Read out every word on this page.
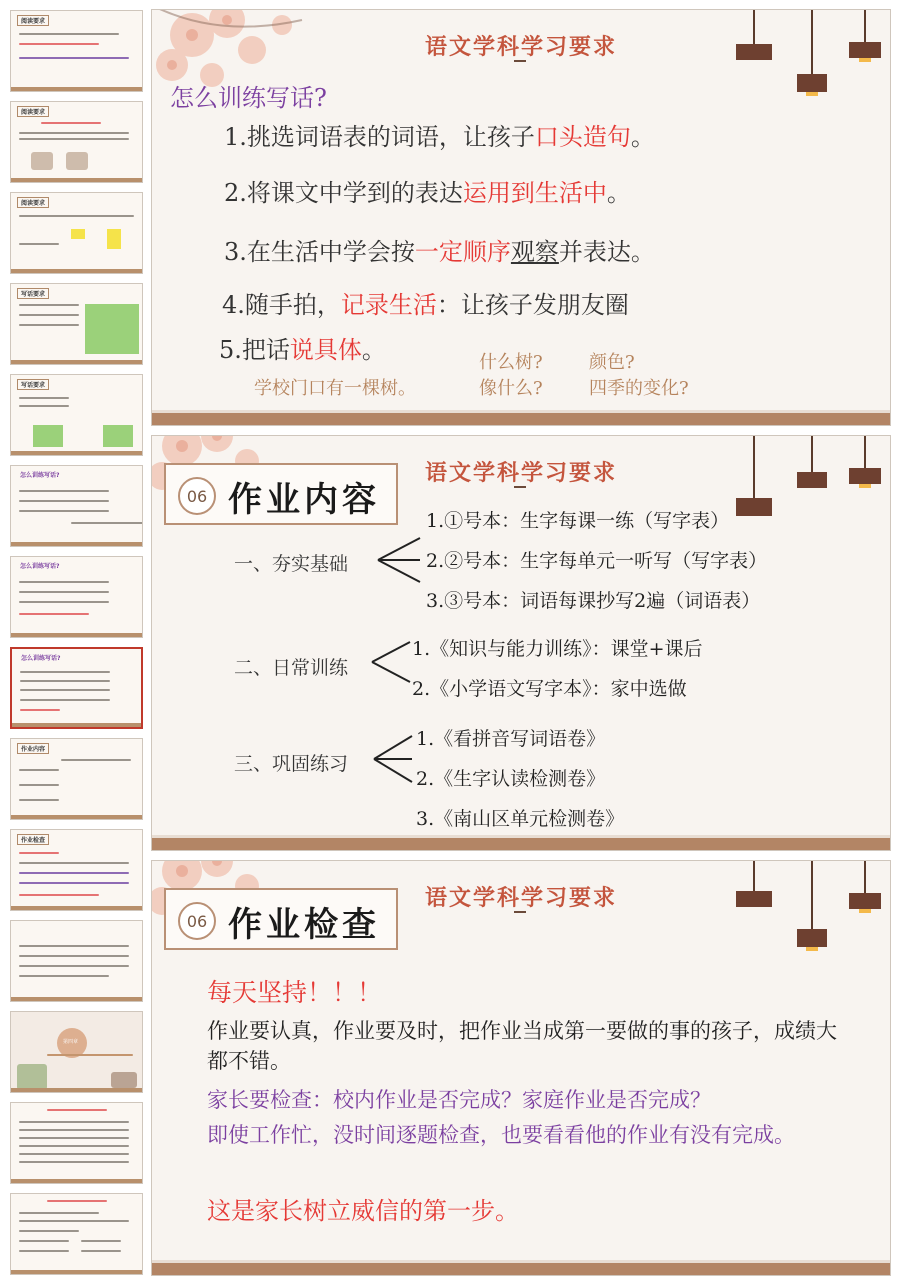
阅读要求
阅读要求
阅读要求
写话要求
写话要求
怎么训练写话?
怎么训练写话?
怎么训练写话?
作业内容
作业检查
第四章
语文学科学习要求
怎么训练写话?
1.挑选词语表的词语，让孩子口头造句。
2.将课文中学到的表达运用到生活中。
3.在生活中学会按一定顺序观察并表达。
4.随手拍，记录生活：让孩子发朋友圈
5.把话说具体。
学校门口有一棵树。
什么树?	颜色?
像什么?	四季的变化?
语文学科学习要求
06 作业内容
一、夯实基础
1.①号本：生字每课一练（写字表）
2.②号本：生字每单元一听写（写字表）
3.③号本：词语每课抄写2遍（词语表）
二、日常训练
1.《知识与能力训练》：课堂+课后
2.《小学语文写字本》：家中选做
三、巩固练习
1.《看拼音写词语卷》
2.《生字认读检测卷》
3.《南山区单元检测卷》
语文学科学习要求
06 作业检查
每天坚持！！！
作业要认真，作业要及时，把作业当成第一要做的事的孩子，成绩大都不错。
家长要检查：校内作业是否完成？家庭作业是否完成？
即使工作忙，没时间逐题检查，也要看看他的作业有没有完成。
这是家长树立威信的第一步。
